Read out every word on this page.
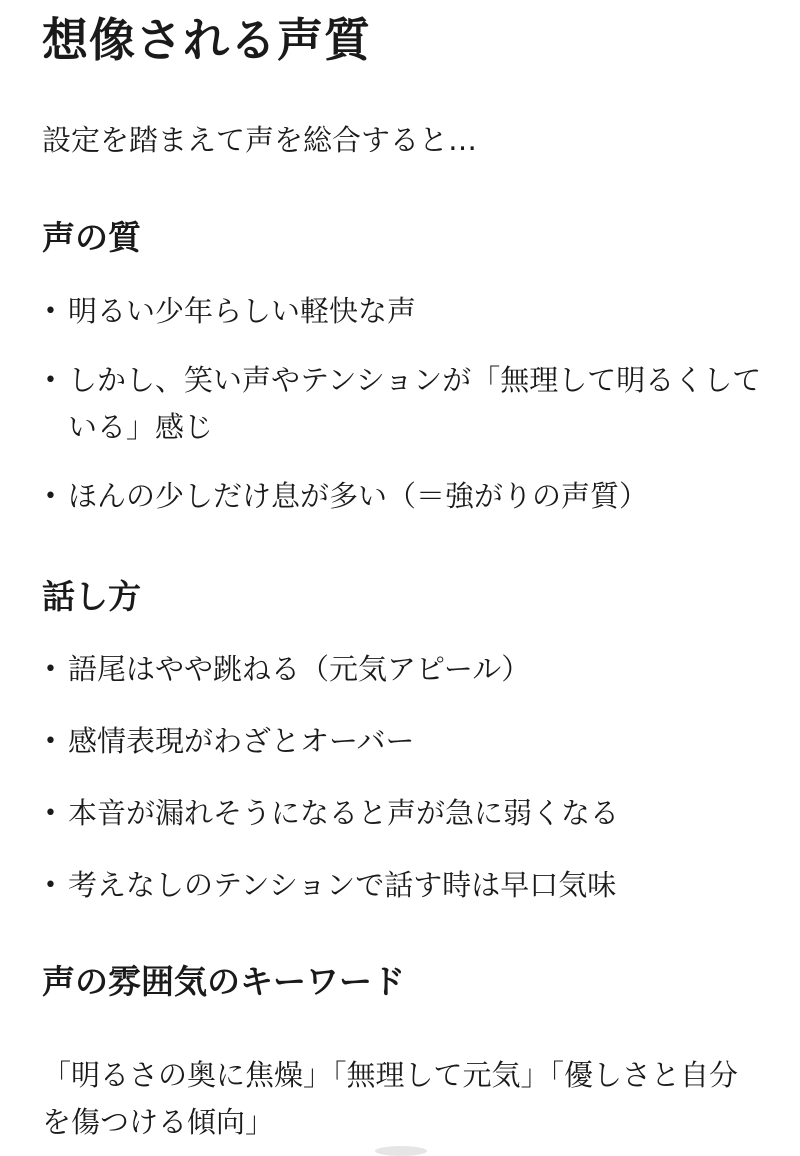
想像される声質

設定を踏まえて声を総合すると…

声の質
• 明るい少年らしい軽快な声
• しかし、笑い声やテンションが「無理して明るくしている」感じ
• ほんの少しだけ息が多い（＝強がりの声質）
話し方
• 語尾はやや跳ねる（元気アピール）
• 感情表現がわざとオーバー
• 本音が漏れそうになると声が急に弱くなる
• 考えなしのテンションで話す時は早口気味
声の雰囲気のキーワード

「明るさの奥に焦燥」「無理して元気」「優しさと自分を傷つける傾向」
